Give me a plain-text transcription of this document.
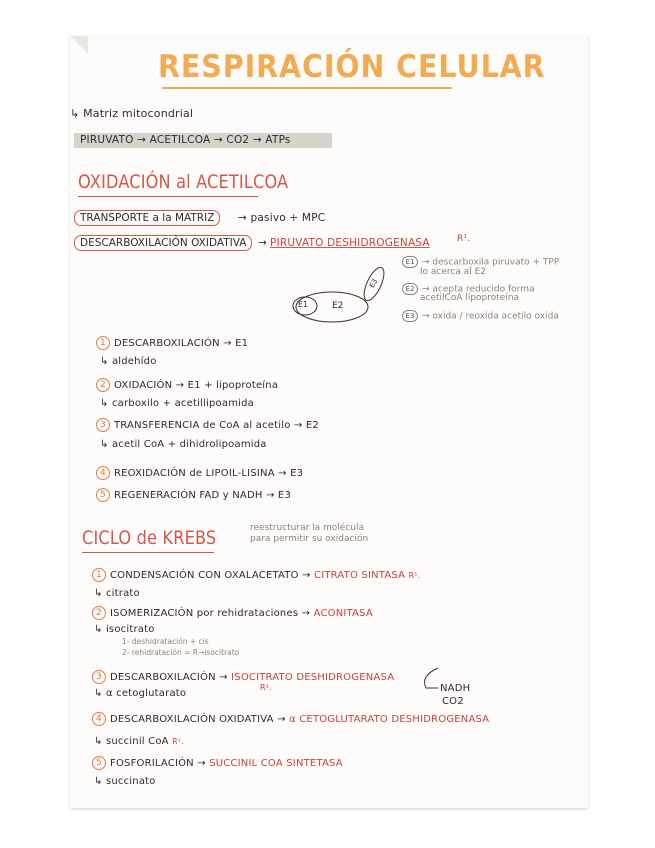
RESPIRACIÓN CELULAR
↳ Matriz mitocondrial
PIRUVATO → ACETILCOA → CO2 → ATPs
OXIDACIÓN al ACETILCOA
TRANSPORTE a la MATRIZ	→ pasivo + MPC
DESCARBOXILACIÓN OXIDATIVA	→ PIRUVATO DESHIDROGENASA	R¹.
E1	E2
E3
E1 → descarboxila piruvato + TPP
lo acerca al E2
E2 → acepta reducido forma
acetilCoA lipoproteína
E3 → oxida / reoxida acetilo oxida
1 DESCARBOXILACIÓN → E1
↳ aldehído
2 OXIDACIÓN → E1 + lipoproteína
↳ carboxilo + acetillipoamida
3 TRANSFERENCIA de CoA al acetilo → E2
↳ acetil CoA + dihidrolipoamida
4 REOXIDACIÓN de LIPOIL-LISINA → E3
5 REGENERACIÓN FAD y NADH → E3
CICLO de KREBS	reestructurar la molécula
para permitir su oxidación
1 CONDENSACIÓN CON OXALACETATO → CITRATO SINTASA R¹.
↳ citrato
2 ISOMERIZACIÓN por rehidrataciones → ACONITASA
↳ isocitrato
1- deshidratación + cis
2- rehidratación = R→isocitrato
3 DESCARBOXILACIÓN → ISOCITRATO DESHIDROGENASA
↳ α cetoglutarato
R¹.	NADH
CO2
4 DESCARBOXILACIÓN OXIDATIVA → α CETOGLUTARATO DESHIDROGENASA
↳ succinil CoA R¹.
5 FOSFORILACIÓN → SUCCINIL COA SINTETASA
↳ succinato
